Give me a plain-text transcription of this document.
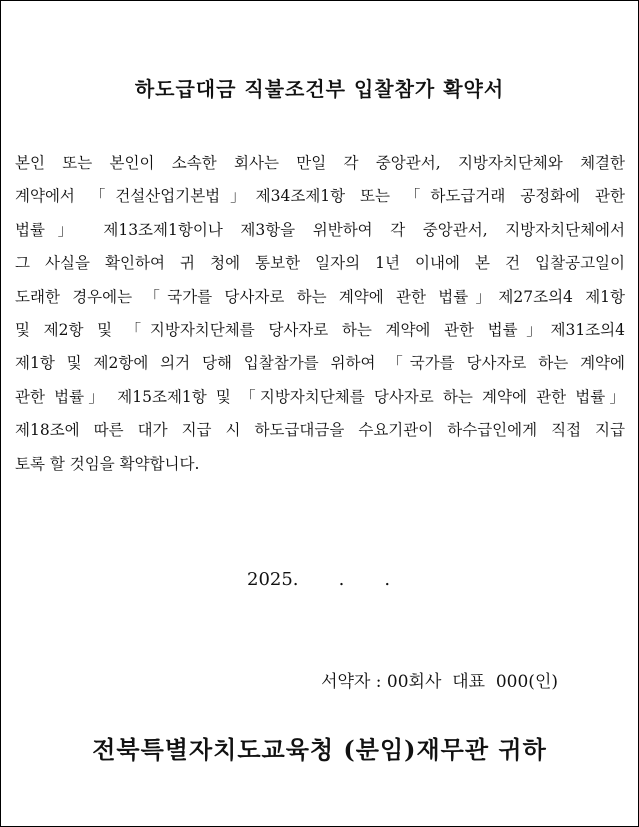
하도급대금 직불조건부 입찰참가 확약서
본인 또는 본인이 소속한 회사는 만일 각 중앙관서, 지방자치단체와 체결한
계약에서 「건설산업기본법」제34조제1항 또는 「하도급거래 공정화에 관한
법률」 제13조제1항이나 제3항을 위반하여 각 중앙관서, 지방자치단체에서
그 사실을 확인하여 귀 청에 통보한 일자의 1년 이내에 본 건 입찰공고일이
도래한 경우에는 「국가를 당사자로 하는 계약에 관한 법률」제27조의4 제1항
및 제2항 및 「지방자치단체를 당사자로 하는 계약에 관한 법률」제31조의4
제1항 및 제2항에 의거 당해 입찰참가를 위하여 「국가를 당사자로 하는 계약에
관한 법률」 제15조제1항 및 「지방자치단체를 당사자로 하는 계약에 관한 법률」
제18조에 따른 대가 지급 시 하도급대금을 수요기관이 하수급인에게 직접 지급
토록 할 것임을 확약합니다.
2025.       .       .
서약자 : 00회사  대표  000(인)
전북특별자치도교육청 (분임)재무관 귀하
